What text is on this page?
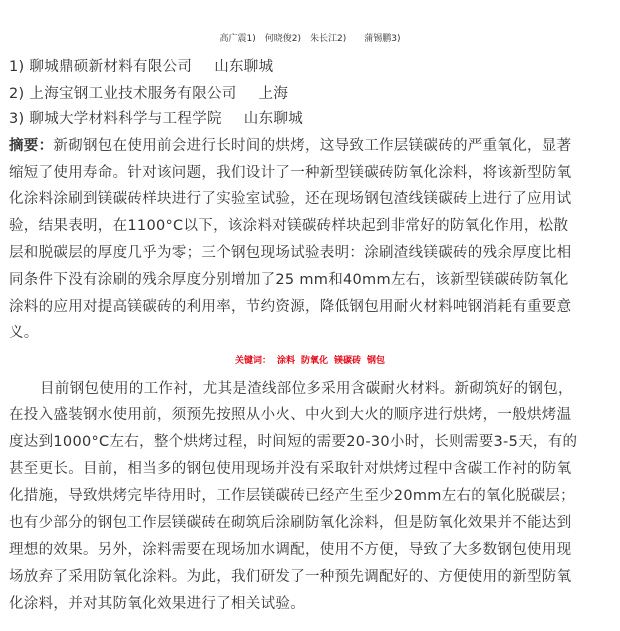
高广震1)　何晓俊2)　朱长江2)　　蒲锡鹏3)
1) 聊城鼎硕新材料有限公司 山东聊城
2) 上海宝钢工业技术服务有限公司 上海
3) 聊城大学材料科学与工程学院 山东聊城
摘要：新砌钢包在使用前会进行长时间的烘烤，这导致工作层镁碳砖的严重氧化，显著
缩短了使用寿命。针对该问题，我们设计了一种新型镁碳砖防氧化涂料，将该新型防氧
化涂料涂刷到镁碳砖样块进行了实验室试验，还在现场钢包渣线镁碳砖上进行了应用试
验，结果表明，在1100°C以下，该涂料对镁碳砖样块起到非常好的防氧化作用，松散
层和脱碳层的厚度几乎为零；三个钢包现场试验表明：涂刷渣线镁碳砖的残余厚度比相
同条件下没有涂刷的残余厚度分别增加了25 mm和40mm左右，该新型镁碳砖防氧化
涂料的应用对提高镁碳砖的利用率，节约资源，降低钢包用耐火材料吨钢消耗有重要意
义。
关键词： 涂料 防氧化 镁碳砖 钢包
目前钢包使用的工作衬，尤其是渣线部位多采用含碳耐火材料。新砌筑好的钢包，
在投入盛装钢水使用前，须预先按照从小火、中火到大火的顺序进行烘烤，一般烘烤温
度达到1000°C左右，整个烘烤过程，时间短的需要20-30小时，长则需要3-5天，有的
甚至更长。目前，相当多的钢包使用现场并没有采取针对烘烤过程中含碳工作衬的防氧
化措施，导致烘烤完毕待用时，工作层镁碳砖已经产生至少20mm左右的氧化脱碳层；
也有少部分的钢包工作层镁碳砖在砌筑后涂刷防氧化涂料，但是防氧化效果并不能达到
理想的效果。另外，涂料需要在现场加水调配，使用不方便，导致了大多数钢包使用现
场放弃了采用防氧化涂料。为此，我们研发了一种预先调配好的、方便使用的新型防氧
化涂料，并对其防氧化效果进行了相关试验。
